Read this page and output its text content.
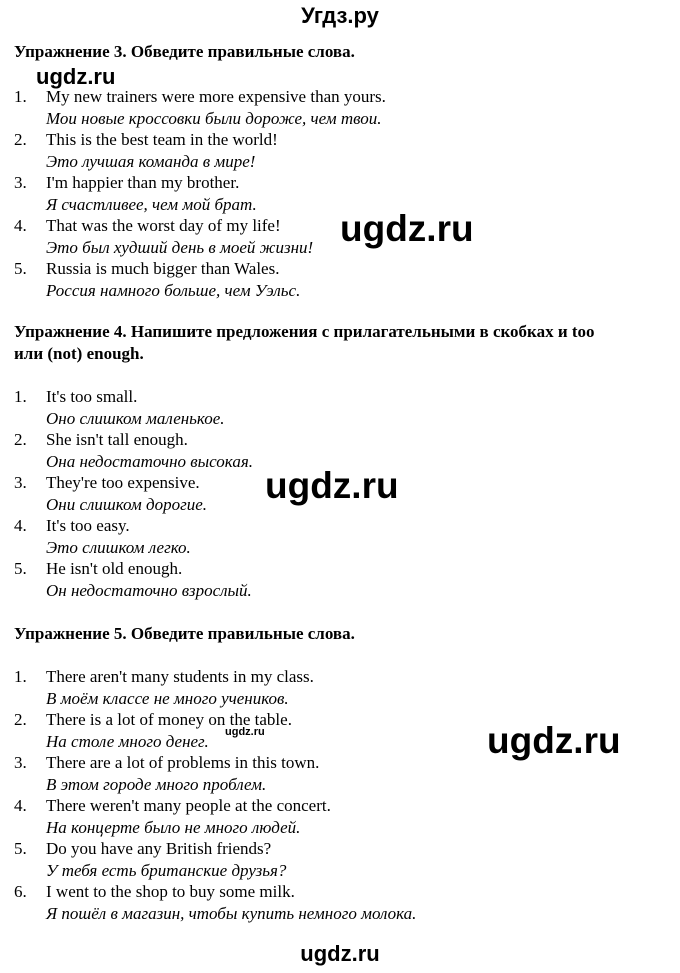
Угдз.ру
Упражнение 3. Обведите правильные слова.
ugdz.ru
1. My new trainers were more expensive than yours.
Мои новые кроссовки были дороже, чем твои.
2. This is the best team in the world!
Это лучшая команда в мире!
3. I'm happier than my brother.
Я счастливее, чем мой брат.
4. That was the worst day of my life!
Это был худший день в моей жизни!
5. Russia is much bigger than Wales.
Россия намного больше, чем Уэльс.
ugdz.ru
Упражнение 4. Напишите предложения с прилагательными в скобках и too
или (not) enough.
1. It's too small.
Оно слишком маленькое.
2. She isn't tall enough.
Она недостаточно высокая.
3. They're too expensive.
Они слишком дорогие.
4. It's too easy.
Это слишком легко.
5. He isn't old enough.
Он недостаточно взрослый.
ugdz.ru
Упражнение 5. Обведите правильные слова.
1. There aren't many students in my class.
В моём классе не много учеников.
2. There is a lot of money on the table.
На столе много денег.
3. There are a lot of problems in this town.
В этом городе много проблем.
4. There weren't many people at the concert.
На концерте было не много людей.
5. Do you have any British friends?
У тебя есть британские друзья?
6. I went to the shop to buy some milk.
Я пошёл в магазин, чтобы купить немного молока.
ugdz.ru	ugdz.ru
ugdz.ru
